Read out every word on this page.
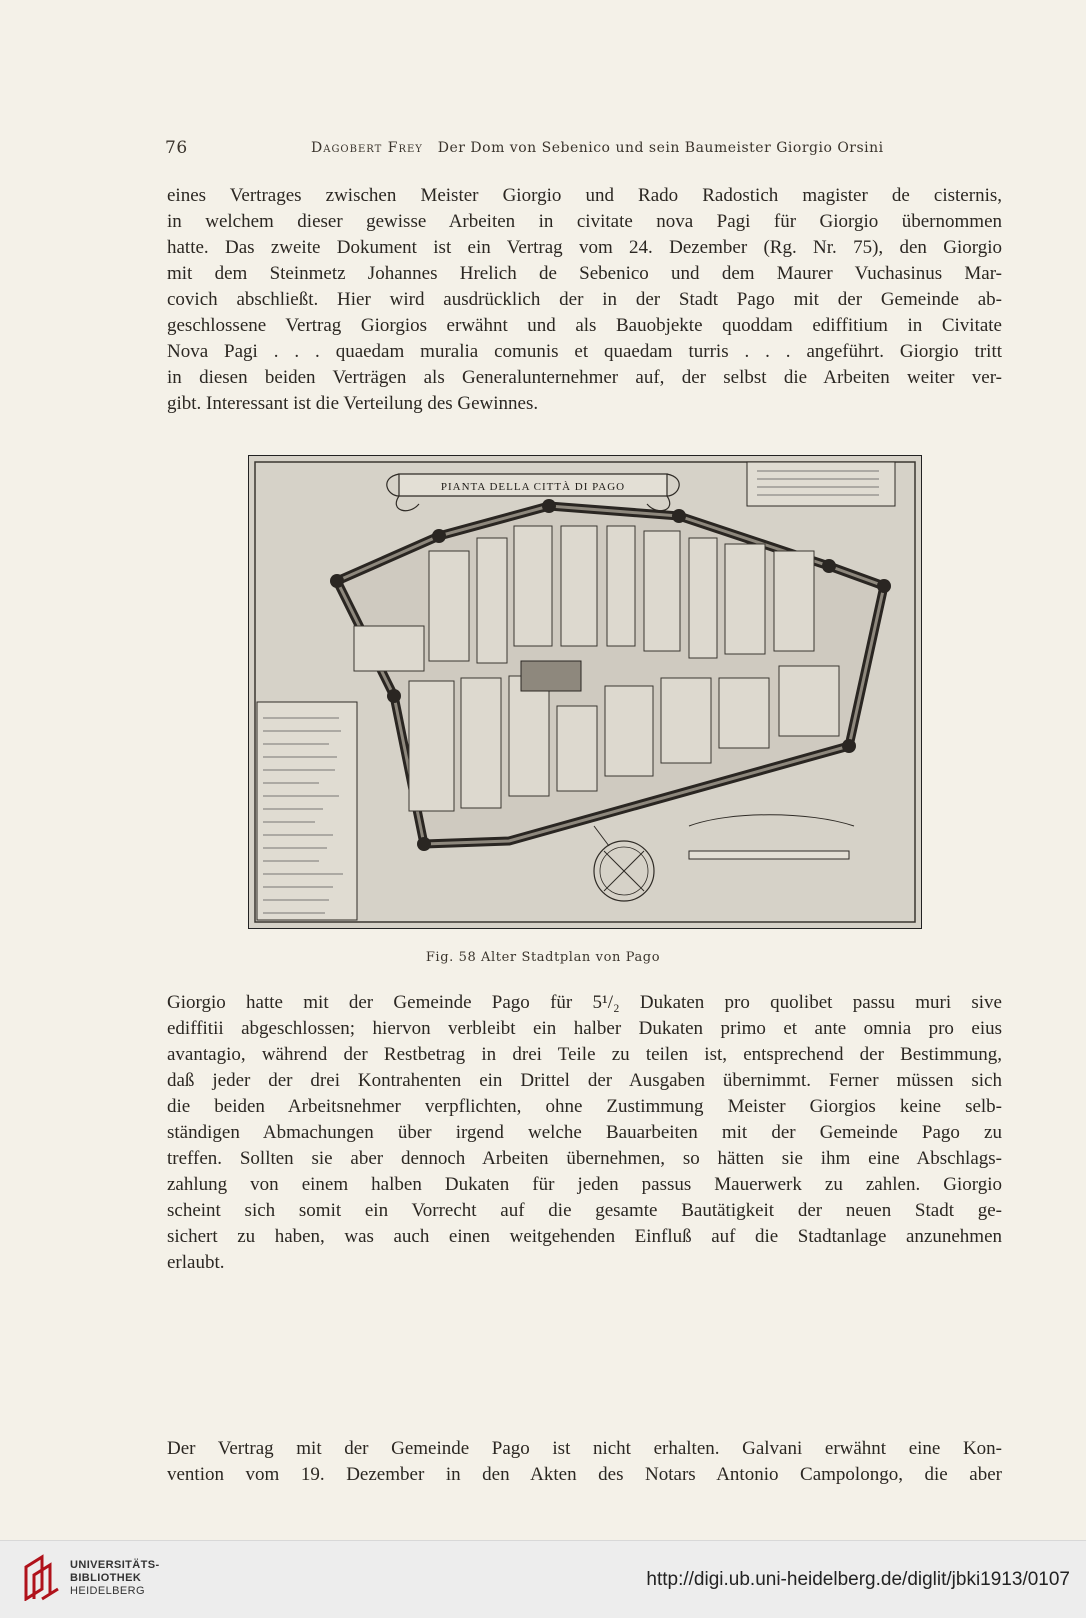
76	Dagobert Frey Der Dom von Sebenico und sein Baumeister Giorgio Orsini
eines Vertrages zwischen Meister Giorgio und Rado Radostich magister de cisternis,
in welchem dieser gewisse Arbeiten in civitate nova Pagi für Giorgio übernommen
hatte. Das zweite Dokument ist ein Vertrag vom 24. Dezember (Rg. Nr. 75), den Giorgio
mit dem Steinmetz Johannes Hrelich de Sebenico und dem Maurer Vuchasinus Mar-
covich abschließt. Hier wird ausdrücklich der in der Stadt Pago mit der Gemeinde ab-
geschlossene Vertrag Giorgios erwähnt und als Bauobjekte quoddam ediffitium in Civitate
Nova Pagi . . . quaedam muralia comunis et quaedam turris . . . angeführt. Giorgio tritt
in diesen beiden Verträgen als Generalunternehmer auf, der selbst die Arbeiten weiter ver-
gibt. Interessant ist die Verteilung des Gewinnes.
PIANTA DELLA CITTÀ DI PAGO
Fig. 58 Alter Stadtplan von Pago
Giorgio hatte mit der Gemeinde Pago für 5¹/₂ Dukaten pro quolibet passu muri sive
ediffitii abgeschlossen; hiervon verbleibt ein halber Dukaten primo et ante omnia pro eius
avantagio, während der Restbetrag in drei Teile zu teilen ist, entsprechend der Bestimmung,
daß jeder der drei Kontrahenten ein Drittel der Ausgaben übernimmt. Ferner müssen sich
die beiden Arbeitsnehmer verpflichten, ohne Zustimmung Meister Giorgios keine selb-
ständigen Abmachungen über irgend welche Bauarbeiten mit der Gemeinde Pago zu
treffen. Sollten sie aber dennoch Arbeiten übernehmen, so hätten sie ihm eine Abschlags-
zahlung von einem halben Dukaten für jeden passus Mauerwerk zu zahlen. Giorgio
scheint sich somit ein Vorrecht auf die gesamte Bautätigkeit der neuen Stadt ge-
sichert zu haben, was auch einen weitgehenden Einfluß auf die Stadtanlage anzunehmen
erlaubt.
Der Vertrag mit der Gemeinde Pago ist nicht erhalten. Galvani erwähnt eine Kon-
vention vom 19. Dezember in den Akten des Notars Antonio Campolongo, die aber
UNIVERSITÄTS-
BIBLIOTHEK
HEIDELBERG
http://digi.ub.uni-heidelberg.de/diglit/jbki1913/0107
